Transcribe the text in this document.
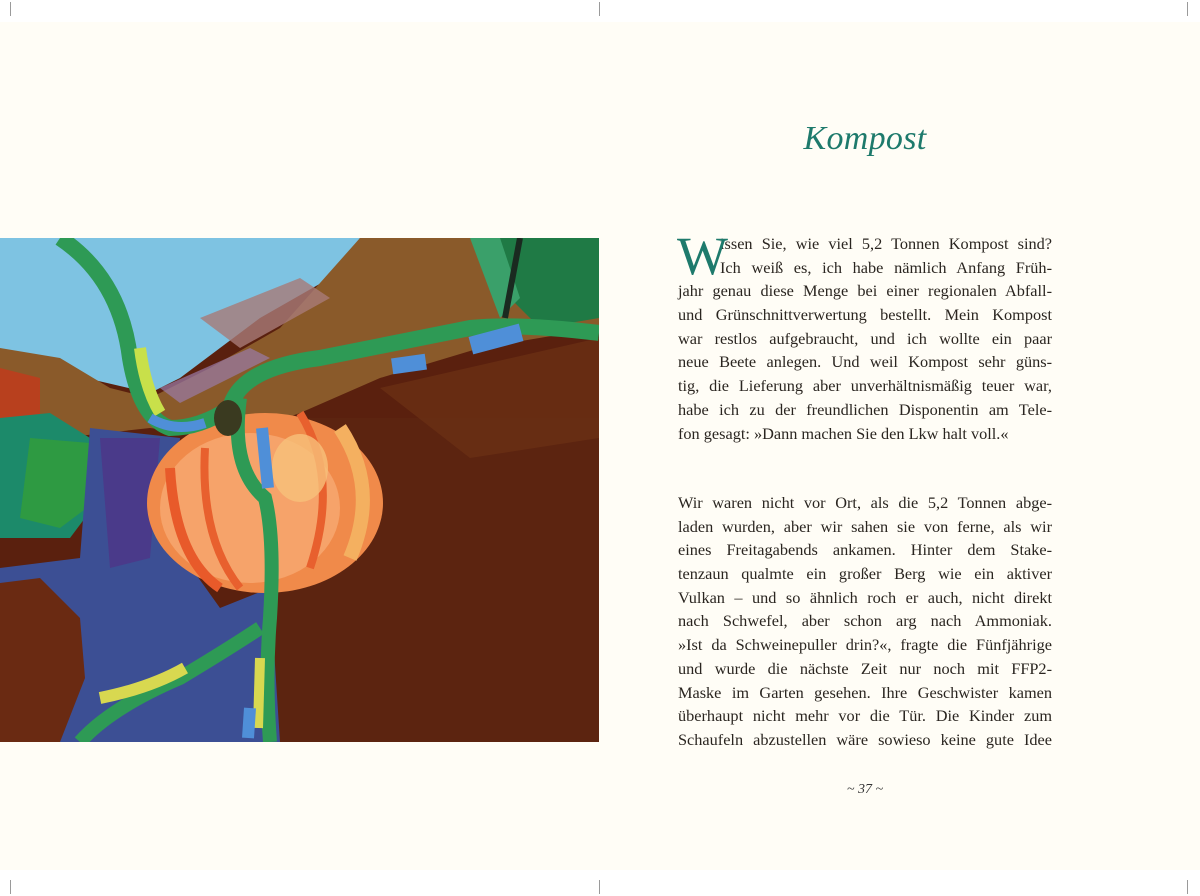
Kompost
W
issen Sie, wie viel 5,2 Tonnen Kompost sind?
Ich weiß es, ich habe nämlich Anfang Früh-
jahr genau diese Menge bei einer regionalen Abfall-
und Grünschnittverwertung bestellt. Mein Kompost
war restlos aufgebraucht, und ich wollte ein paar
neue Beete anlegen. Und weil Kompost sehr güns-
tig, die Lieferung aber unverhältnismäßig teuer war,
habe ich zu der freundlichen Disponentin am Tele-
fon gesagt: »Dann machen Sie den Lkw halt voll.«
Wir waren nicht vor Ort, als die 5,2 Tonnen abge-
laden wurden, aber wir sahen sie von ferne, als wir
eines Freitagabends ankamen. Hinter dem Stake-
tenzaun qualmte ein großer Berg wie ein aktiver
Vulkan – und so ähnlich roch er auch, nicht direkt
nach Schwefel, aber schon arg nach Ammoniak.
»Ist da Schweinepuller drin?«, fragte die Fünfjährige
und wurde die nächste Zeit nur noch mit FFP2-
Maske im Garten gesehen. Ihre Geschwister kamen
überhaupt nicht mehr vor die Tür. Die Kinder zum
Schaufeln abzustellen wäre sowieso keine gute Idee
~ 37 ~
